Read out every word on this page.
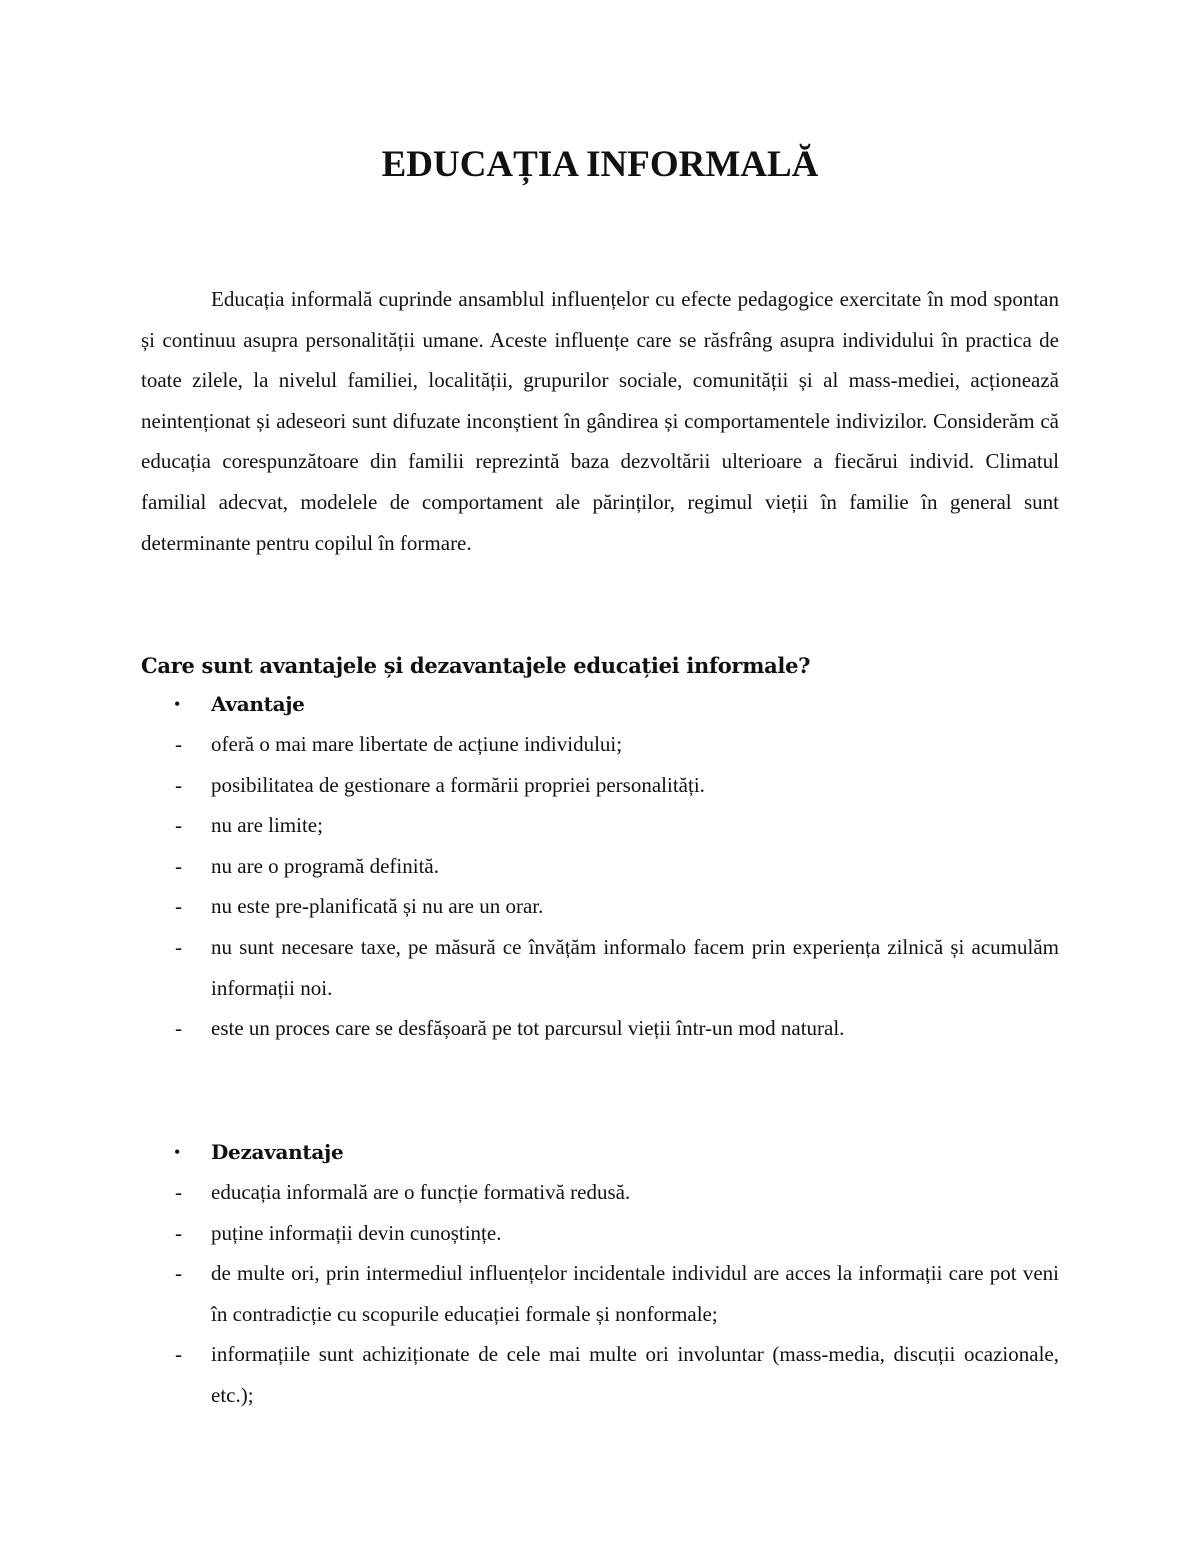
EDUCAȚIA INFORMALĂ

Educația informală cuprinde ansamblul influențelor cu efecte pedagogice exercitate în mod spontan și continuu asupra personalității umane. Aceste influențe care se răsfrâng asupra individului în practica de toate zilele, la nivelul familiei, localității, grupurilor sociale, comunității și al mass-mediei, acționează neintenționat și adeseori sunt difuzate inconștient în gândirea și comportamentele indivizilor. Considerăm că educația corespunzătoare din familii reprezintă baza dezvoltării ulterioare a fiecărui individ. Climatul familial adecvat, modelele de comportament ale părinților, regimul vieții în familie în general sunt determinante pentru copilul în formare.

Care sunt avantajele și dezavantajele educației informale?

• Avantaje
- oferă o mai mare libertate de acțiune individului;
- posibilitatea de gestionare a formării propriei personalități.
- nu are limite;
- nu are o programă definită.
- nu este pre-planificată și nu are un orar.
- nu sunt necesare taxe, pe măsură ce învățăm informalo facem prin experiența zilnică și acumulăm informații noi.
- este un proces care se desfășoară pe tot parcursul vieții într-un mod natural.
• Dezavantaje
- educația informală are o funcție formativă redusă.
- puține informații devin cunoștințe.
- de multe ori, prin intermediul influențelor incidentale individul are acces la informații care pot veni în contradicție cu scopurile educației formale și nonformale;
- informațiile sunt achiziționate de cele mai multe ori involuntar (mass-media, discuții ocazionale, etc.);
